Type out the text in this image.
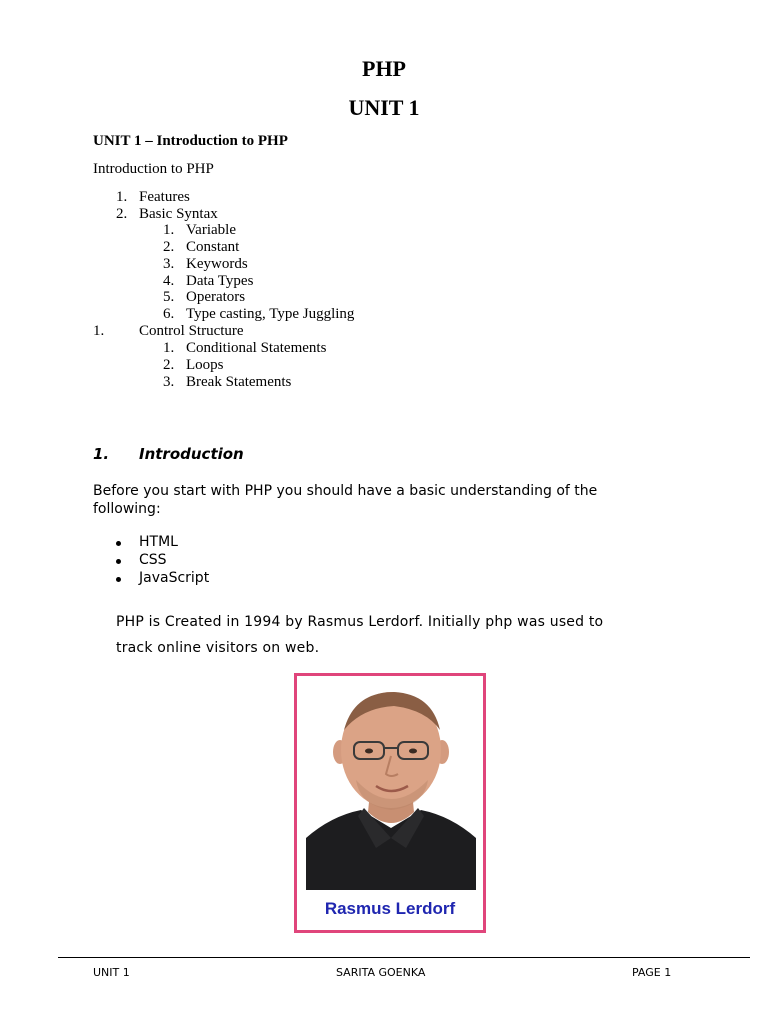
PHP
UNIT 1
UNIT 1 – Introduction to PHP
Introduction to PHP
1. Features
2. Basic Syntax
1. Variable
2. Constant
3. Keywords
4. Data Types
5. Operators
6. Type casting, Type Juggling
1. Control Structure
1. Conditional Statements
2. Loops
3. Break Statements
1. Introduction
Before you start with PHP you should have a basic understanding of the
following:
HTML
CSS
JavaScript
PHP is Created in 1994 by Rasmus Lerdorf. Initially php was used to
track online visitors on web.
Rasmus Lerdorf
UNIT 1	SARITA GOENKA	PAGE 1
